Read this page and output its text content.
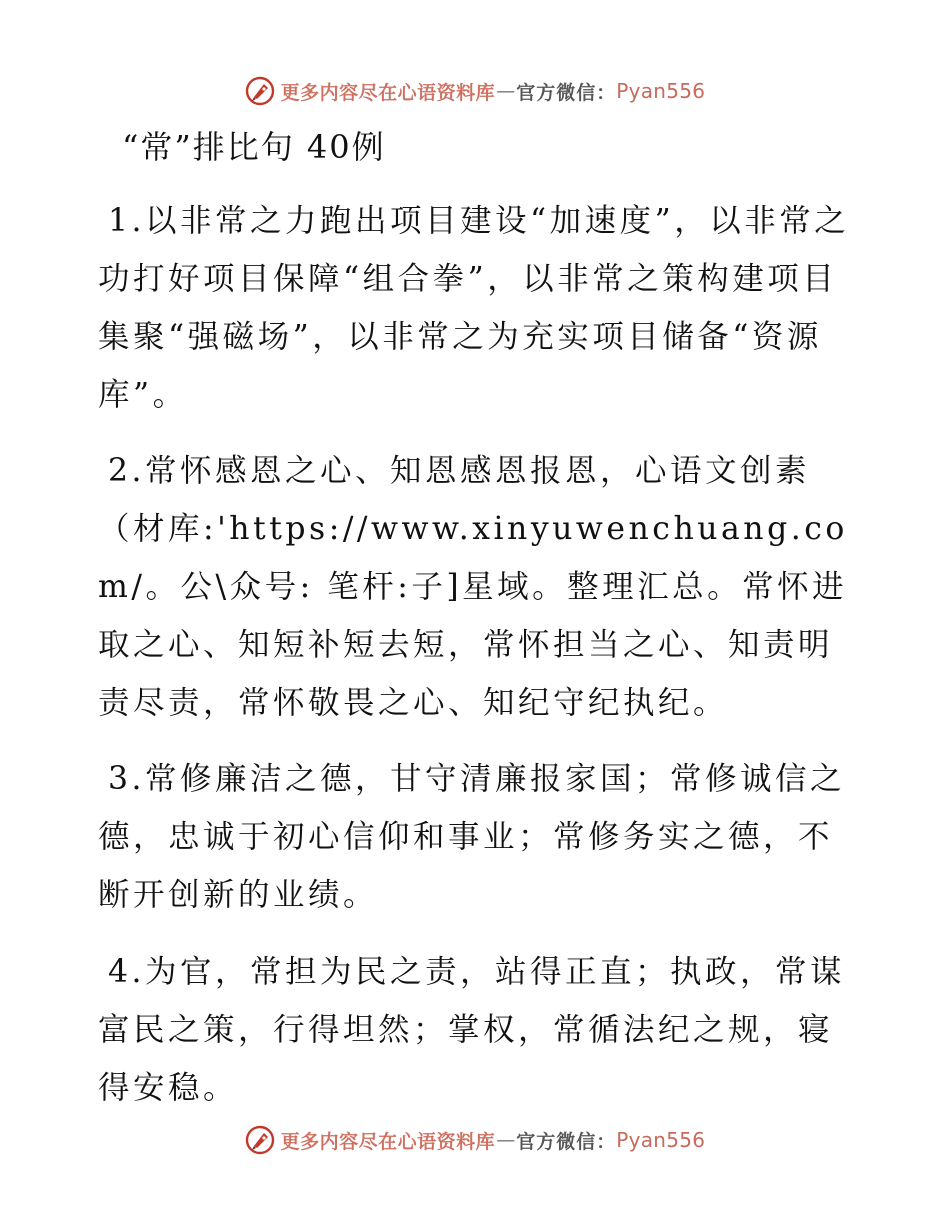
更多内容尽在心语资料库 — 官方微信： Pyan556
“常”排比句 40例

1.以非常之力跑出项目建设“加速度”，以非常之功打好项目保障“组合拳”，以非常之策构建项目集聚“强磁场”，以非常之为充实项目储备“资源库”。

2.常怀感恩之心、知恩感恩报恩，心语文创素（材库:'https://www.xinyuwenchuang.com/。公\众号: 笔杆:子]星域。整理汇总。常怀进取之心、知短补短去短，常怀担当之心、知责明责尽责，常怀敬畏之心、知纪守纪执纪。

3.常修廉洁之德，甘守清廉报家国；常修诚信之德，忠诚于初心信仰和事业；常修务实之德，不断开创新的业绩。

4.为官，常担为民之责，站得正直；执政，常谋富民之策，行得坦然；掌权，常循法纪之规，寝得安稳。

更多内容尽在心语资料库 — 官方微信： Pyan556
